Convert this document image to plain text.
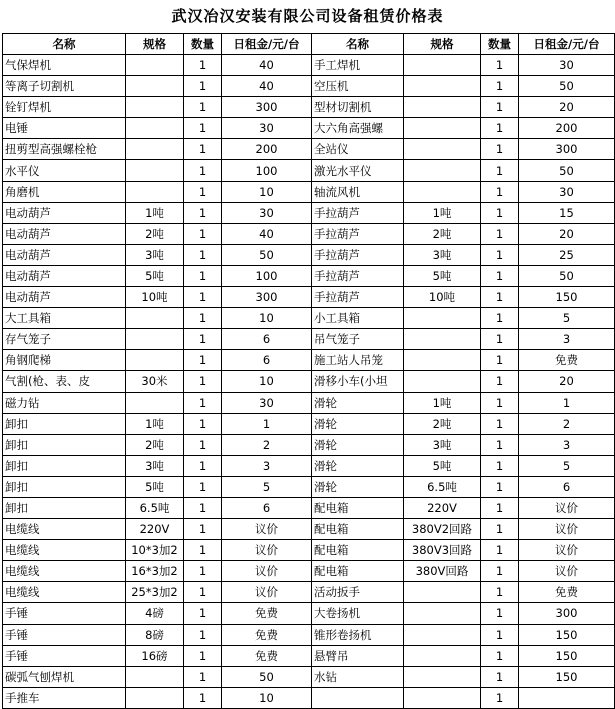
武汉冶汉安装有限公司设备租赁价格表
名称	规格	数量	日租金/元/台	名称	规格	数量	日租金/元/台
气保焊机		1	40	手工焊机		1	30
等离子切割机		1	40	空压机		1	50
铨钉焊机		1	300	型材切割机		1	20
电锤		1	30	大六角高强螺		1	200
扭剪型高强螺栓枪		1	200	全站仪		1	300
水平仪		1	100	激光水平仪		1	50
角磨机		1	10	轴流风机		1	30
电动葫芦	1吨	1	30	手拉葫芦	1吨	1	15
电动葫芦	2吨	1	40	手拉葫芦	2吨	1	20
电动葫芦	3吨	1	50	手拉葫芦	3吨	1	25
电动葫芦	5吨	1	100	手拉葫芦	5吨	1	50
电动葫芦	10吨	1	300	手拉葫芦	10吨	1	150
大工具箱		1	10	小工具箱		1	5
存气笼子		1	6	吊气笼子		1	3
角钢爬梯		1	6	施工站人吊笼		1	免费
气割(枪、表、皮	30米	1	10	滑移小车(小坦		1	20
磁力钻		1	30	滑轮	1吨	1	1
卸扣	1吨	1	1	滑轮	2吨	1	2
卸扣	2吨	1	2	滑轮	3吨	1	3
卸扣	3吨	1	3	滑轮	5吨	1	5
卸扣	5吨	1	5	滑轮	6.5吨	1	6
卸扣	6.5吨	1	6	配电箱	220V	1	议价
电缆线	220V	1	议价	配电箱	380V2回路	1	议价
电缆线	10*3加2	1	议价	配电箱	380V3回路	1	议价
电缆线	16*3加2	1	议价	配电箱	380V回路	1	议价
电缆线	25*3加2	1	议价	活动扳手		1	免费
手锤	4磅	1	免费	大卷扬机		1	300
手锤	8磅	1	免费	锥形卷扬机		1	150
手锤	16磅	1	免费	悬臂吊		1	150
碳弧气刨焊机		1	50	水钻		1	150
手推车		1	10			1	
